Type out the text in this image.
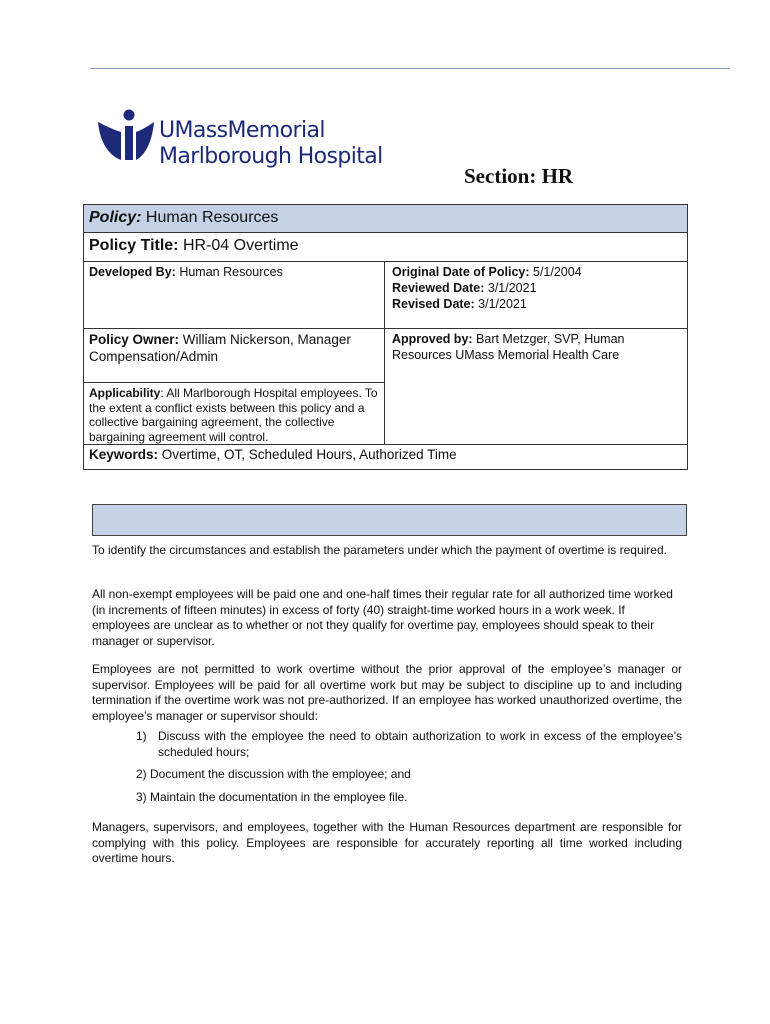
UMassMemorial
Marlborough Hospital
Section: HR
Policy: Human Resources
Policy Title: HR-04 Overtime
Developed By: Human Resources	Original Date of Policy: 5/1/2004
Reviewed Date: 3/1/2021
Revised Date: 3/1/2021
Policy Owner: William Nickerson, Manager Compensation/Admin
Approved by: Bart Metzger, SVP, Human Resources UMass Memorial Health Care
Applicability: All Marlborough Hospital employees. To the extent a conflict exists between this policy and a collective bargaining agreement, the collective bargaining agreement will control.
Keywords: Overtime, OT, Scheduled Hours, Authorized Time
To identify the circumstances and establish the parameters under which the payment of overtime is required.
All non-exempt employees will be paid one and one-half times their regular rate for all authorized time worked (in increments of fifteen minutes) in excess of forty (40) straight-time worked hours in a work week. If employees are unclear as to whether or not they qualify for overtime pay, employees should speak to their manager or supervisor.
Employees are not permitted to work overtime without the prior approval of the employee’s manager or supervisor. Employees will be paid for all overtime work but may be subject to discipline up to and including termination if the overtime work was not pre-authorized. If an employee has worked unauthorized overtime, the employee’s manager or supervisor should:
1) Discuss with the employee the need to obtain authorization to work in excess of the employee’s scheduled hours;
2) Document the discussion with the employee; and
3) Maintain the documentation in the employee file.
Managers, supervisors, and employees, together with the Human Resources department are responsible for complying with this policy. Employees are responsible for accurately reporting all time worked including overtime hours.
